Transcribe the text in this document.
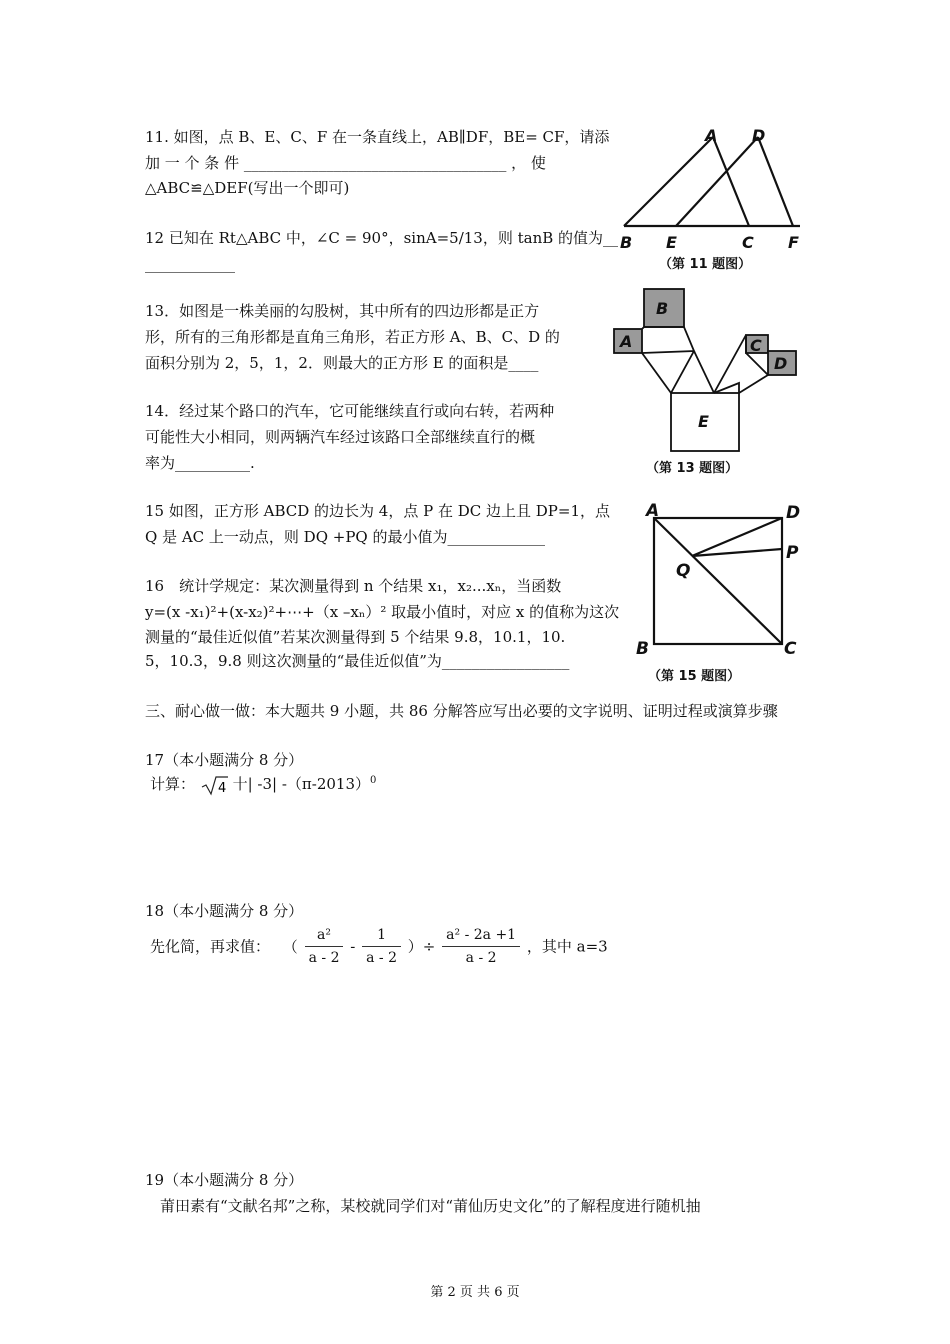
11. 如图，点 B、E、C、F 在一条直线上，AB∥DF，BE= CF，请添

加 一 个 条 件 ___________________________________ ， 使

△ABC≌△DEF(写出一个即可)

12 已知在 Rt△ABC 中，∠C = 90°，sinA=5/13，则 tanB 的值为__

____________

13．如图是一株美丽的勾股树，其中所有的四边形都是正方

形，所有的三角形都是直角三角形，若正方形 A、B、C、D 的

面积分别为 2，5，1，2．则最大的正方形 E 的面积是____

14．经过某个路口的汽车，它可能继续直行或向右转，若两种

可能性大小相同，则两辆汽车经过该路口全部继续直行的概

率为__________.

15 如图，正方形 ABCD 的边长为 4，点 P 在 DC 边上且 DP=1，点

Q 是 AC 上一动点，则 DQ +PQ 的最小值为_____________

16　统计学规定：某次测量得到 n 个结果 x₁，x₂...xₙ，当函数

y=(x -x₁)²+(x-x₂)²+⋯+（x –xₙ）² 取最小值时，对应 x 的值称为这次

测量的“最佳近似值”若某次测量得到 5 个结果 9.8，10.1，10.

5，10.3，9.8 则这次测量的“最佳近似值”为_________________

三、耐心做一做：本大题共 9 小题，共 86 分解答应写出必要的文字说明、证明过程或演算步骤

17（本小题满分 8 分）

计算： 4 十| -3| $-(\pi-2013)^0$

18（本小题满分 8 分）

先化简，再求值： （ $\frac{\text{a²}}{a - 2} - \frac{1}{a - 2}$ ）÷ $\frac{\text{a² - 2a +1}}{a - 2}$ ，其中 a=3

19（本小题满分 8 分）

莆田素有“文献名邦”之称，某校就同学们对“莆仙历史文化”的了解程度进行随机抽

A D
B E	C F
（第 11 题图）
B
A	C
D
E
（第 13 题图）
A	D
P
Q
B	C
（第 15 题图）
第 2 页 共 6 页
